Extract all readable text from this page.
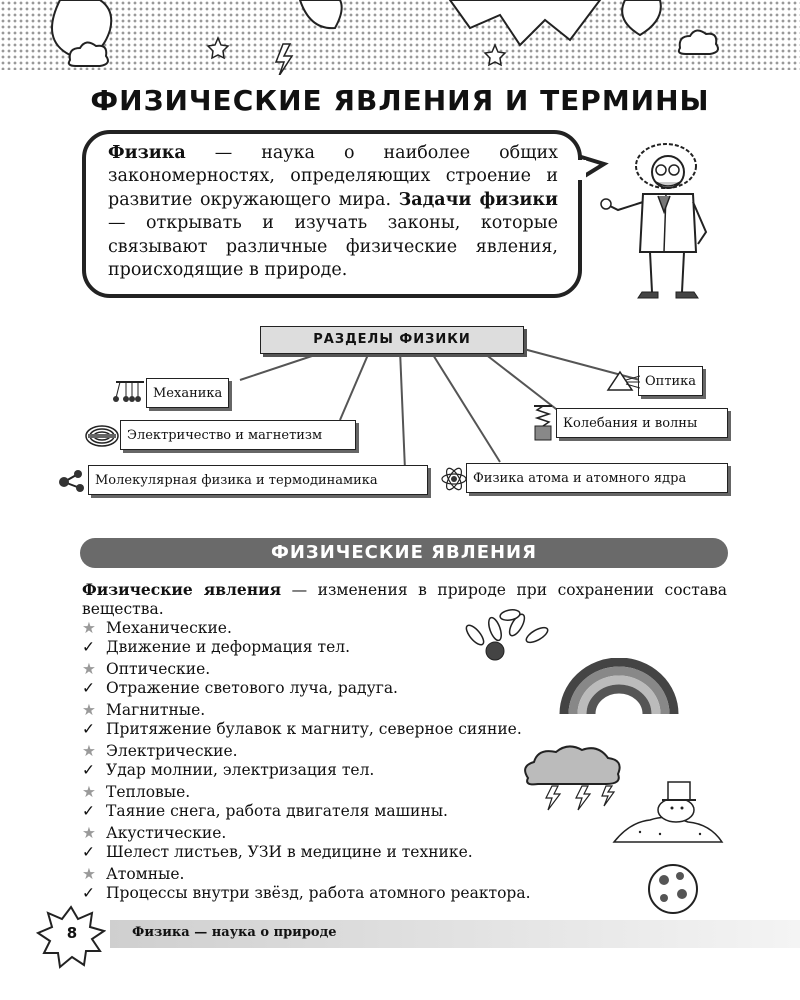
ФИЗИЧЕСКИЕ ЯВЛЕНИЯ И ТЕРМИНЫ
Физика — наука о наиболее общих закономерностях, определяющих строение и развитие окружающего мира. Задачи физики — открывать и изучать законы, которые связывают различные физические явления, происходящие в природе.
РАЗДЕЛЫ ФИЗИКИ
Механика
Электричество и магнетизм
Молекулярная физика и термодинамика
Оптика
Колебания и волны
Физика атома и атомного ядра
ФИЗИЧЕСКИЕ ЯВЛЕНИЯ
Физические явления — изменения в природе при сохранении состава вещества.
★ Механические.
✓ Движение и деформация тел.
★ Оптические.
✓ Отражение светового луча, радуга.
★ Магнитные.
✓ Притяжение булавок к магниту, северное сияние.
★ Электрические.
✓ Удар молнии, электризация тел.
★ Тепловые.
✓ Таяние снега, работа двигателя машины.
★ Акустические.
✓ Шелест листьев, УЗИ в медицине и технике.
★ Атомные.
✓ Процессы внутри звёзд, работа атомного реактора.
8	Физика — наука о природе
